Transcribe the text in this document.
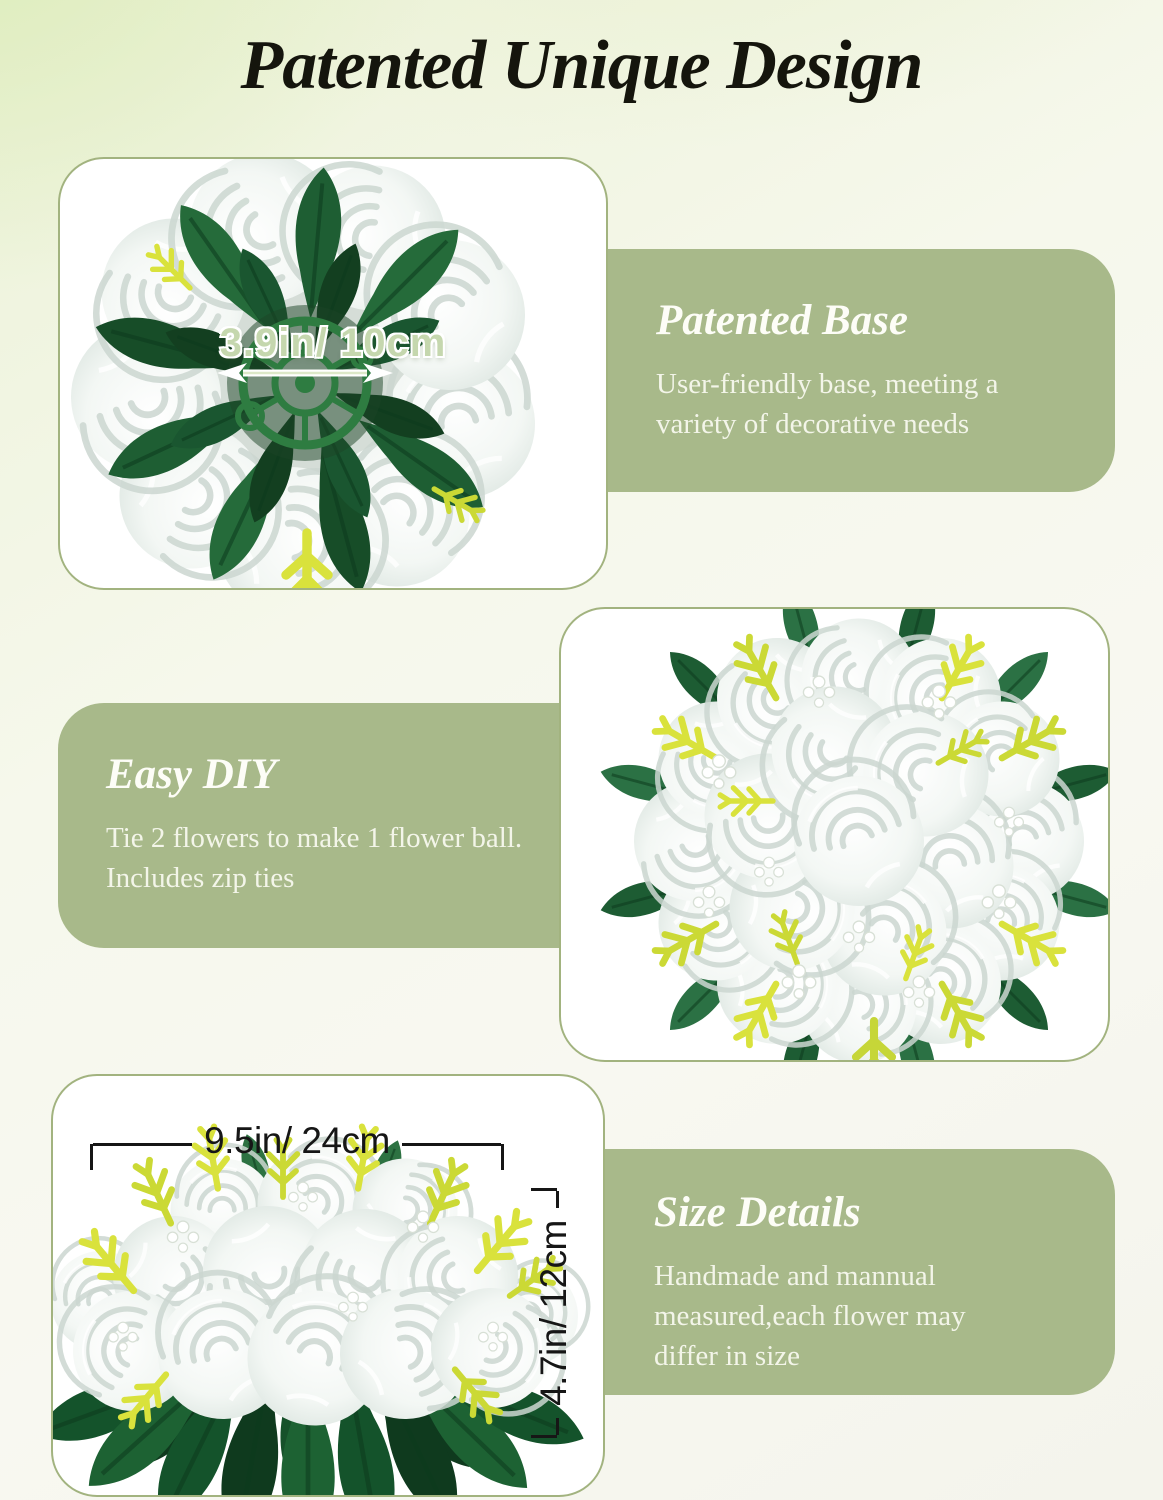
Patented Unique Design
Patented Base

User-friendly base, meeting a variety of decorative needs

3.9in/ 10cm
Easy DIY

Tie 2 flowers to make 1 flower ball. Includes zip ties

9.5in/ 24cm
4.7in/ 12cm
Size Details

Handmade and mannual measured,each flower may differ in size
